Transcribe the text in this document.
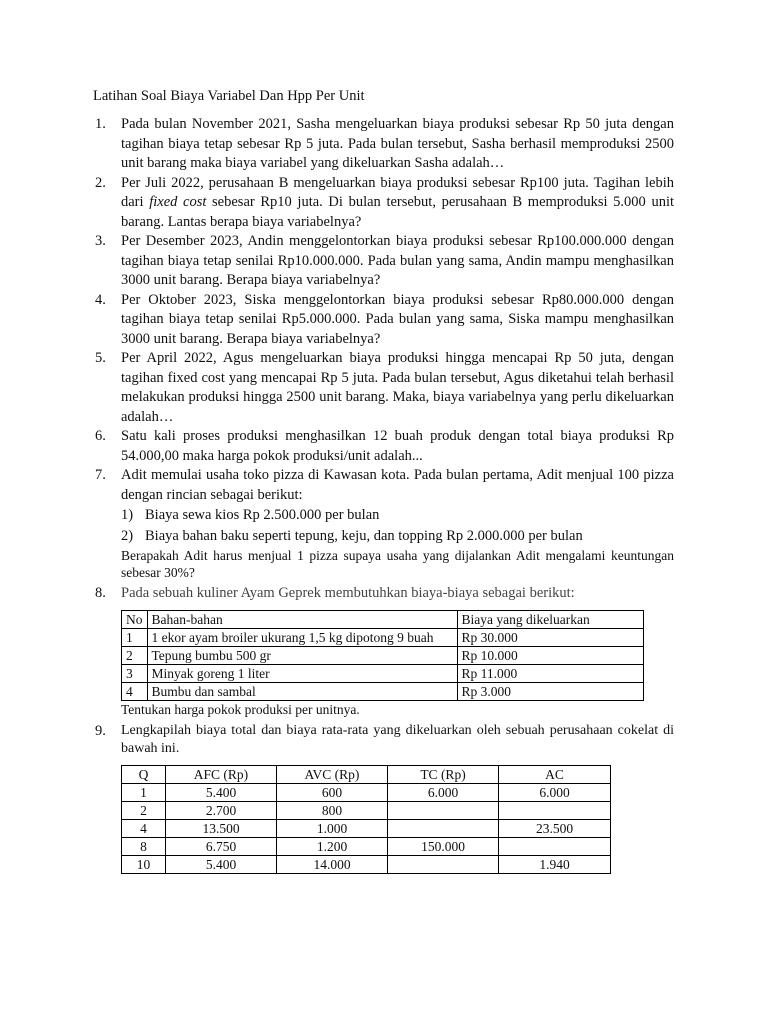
Latihan Soal Biaya Variabel Dan Hpp Per Unit
1. Pada bulan November 2021, Sasha mengeluarkan biaya produksi sebesar Rp 50 juta dengan tagihan biaya tetap sebesar Rp 5 juta. Pada bulan tersebut, Sasha berhasil memproduksi 2500 unit barang maka biaya variabel yang dikeluarkan Sasha adalah…

2. Per Juli 2022, perusahaan B mengeluarkan biaya produksi sebesar Rp100 juta. Tagihan lebih dari fixed cost sebesar Rp10 juta. Di bulan tersebut, perusahaan B memproduksi 5.000 unit barang. Lantas berapa biaya variabelnya?

3. Per Desember 2023, Andin menggelontorkan biaya produksi sebesar Rp100.000.000 dengan tagihan biaya tetap senilai Rp10.000.000. Pada bulan yang sama, Andin mampu menghasilkan 3000 unit barang. Berapa biaya variabelnya?

4. Per Oktober 2023, Siska menggelontorkan biaya produksi sebesar Rp80.000.000 dengan tagihan biaya tetap senilai Rp5.000.000. Pada bulan yang sama, Siska mampu menghasilkan 3000 unit barang. Berapa biaya variabelnya?

5. Per April 2022, Agus mengeluarkan biaya produksi hingga mencapai Rp 50 juta, dengan tagihan fixed cost yang mencapai Rp 5 juta. Pada bulan tersebut, Agus diketahui telah berhasil melakukan produksi hingga 2500 unit barang. Maka, biaya variabelnya yang perlu dikeluarkan adalah…

6. Satu kali proses produksi menghasilkan 12 buah produk dengan total biaya produksi Rp 54.000,00 maka harga pokok produksi/unit adalah...

7. Adit memulai usaha toko pizza di Kawasan kota. Pada bulan pertama, Adit menjual 100 pizza dengan rincian sebagai berikut:

1) Biaya sewa kios Rp 2.500.000 per bulan
2) Biaya bahan baku seperti tepung, keju, dan topping Rp 2.000.000 per bulan

Berapakah Adit harus menjual 1 pizza supaya usaha yang dijalankan Adit mengalami keuntungan sebesar 30%?

8. Pada sebuah kuliner Ayam Geprek membutuhkan biaya-biaya sebagai berikut:

No	Bahan-bahan	Biaya yang dikeluarkan
1	1 ekor ayam broiler ukurang 1,5 kg dipotong 9 buah	Rp 30.000
2	Tepung bumbu 500 gr	Rp 10.000
3	Minyak goreng 1 liter	Rp 11.000
4	Bumbu dan sambal	Rp 3.000

Tentukan harga pokok produksi per unitnya.

9. Lengkapilah biaya total dan biaya rata-rata yang dikeluarkan oleh sebuah perusahaan cokelat di bawah ini.

Q	AFC (Rp)	AVC (Rp)	TC (Rp)	AC
1	5.400	600	6.000	6.000
2	2.700	800		
4	13.500	1.000		23.500
8	6.750	1.200	150.000	
10	5.400	14.000		1.940
